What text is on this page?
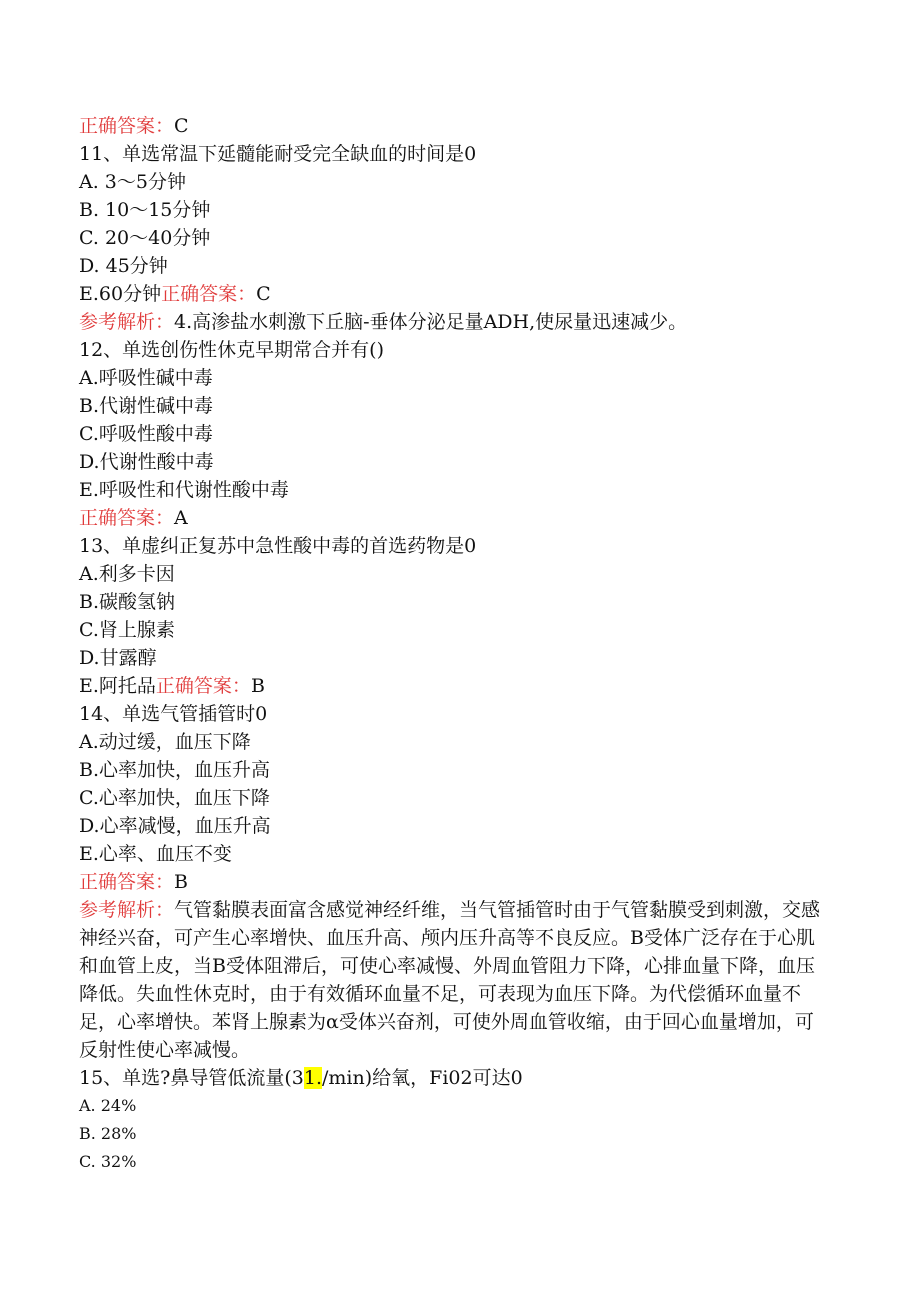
正确答案：C
11、单选常温下延髓能耐受完全缺血的时间是0
A. 3～5分钟
B. 10～15分钟
C. 20～40分钟
D. 45分钟
E.60分钟正确答案：C
参考解析：4.高渗盐水刺激下丘脑-垂体分泌足量ADH,使尿量迅速减少。
12、单选创伤性休克早期常合并有()
A.呼吸性碱中毒
B.代谢性碱中毒
C.呼吸性酸中毒
D.代谢性酸中毒
E.呼吸性和代谢性酸中毒
正确答案：A
13、单虚纠正复苏中急性酸中毒的首选药物是0
A.利多卡因
B.碳酸氢钠
C.肾上腺素
D.甘露醇
E.阿托品正确答案：B
14、单选气管插管时0
A.动过缓，血压下降
B.心率加快，血压升高
C.心率加快，血压下降
D.心率减慢，血压升高
E.心率、血压不变
正确答案：B
参考解析：气管黏膜表面富含感觉神经纤维，当气管插管时由于气管黏膜受到刺激，交感神经兴奋，可产生心率增快、血压升高、颅内压升高等不良反应。B受体广泛存在于心肌和血管上皮，当B受体阻滞后，可使心率减慢、外周血管阻力下降，心排血量下降，血压降低。失血性休克时，由于有效循环血量不足，可表现为血压下降。为代偿循环血量不足，心率增快。苯肾上腺素为α受体兴奋剂，可使外周血管收缩，由于回心血量增加，可反射性使心率减慢。
15、单选?鼻导管低流量(31./min)给氧，Fi02可达0
A. 24%
B. 28%
C. 32%
